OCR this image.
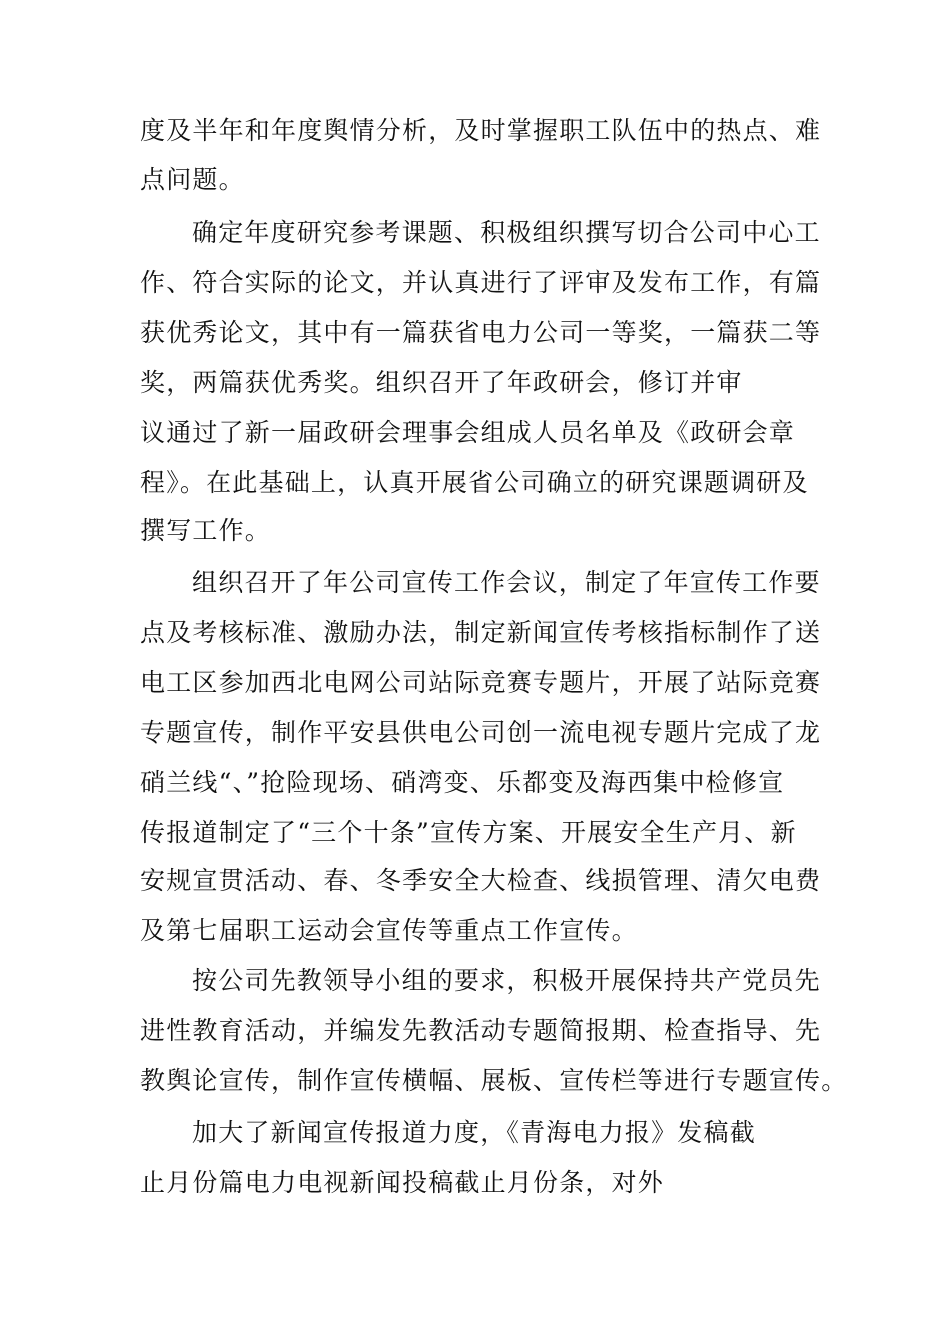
度及半年和年度舆情分析，及时掌握职工队伍中的热点、难
点问题。
确定年度研究参考课题、积极组织撰写切合公司中心工
作、符合实际的论文，并认真进行了评审及发布工作，有篇
获优秀论文，其中有一篇获省电力公司一等奖，一篇获二等
奖，两篇获优秀奖。组织召开了年政研会，修订并审
议通过了新一届政研会理事会组成人员名单及《政研会章
程》。在此基础上，认真开展省公司确立的研究课题调研及
撰写工作。
组织召开了年公司宣传工作会议，制定了年宣传工作要
点及考核标准、激励办法，制定新闻宣传考核指标制作了送
电工区参加西北电网公司站际竞赛专题片，开展了站际竞赛
专题宣传，制作平安县供电公司创一流电视专题片完成了龙
硝兰线“、”抢险现场、硝湾变、乐都变及海西集中检修宣
传报道制定了“三个十条”宣传方案、开展安全生产月、新
安规宣贯活动、春、冬季安全大检查、线损管理、清欠电费
及第七届职工运动会宣传等重点工作宣传。
按公司先教领导小组的要求，积极开展保持共产党员先
进性教育活动，并编发先教活动专题简报期、检查指导、先
教舆论宣传，制作宣传横幅、展板、宣传栏等进行专题宣传。
加大了新闻宣传报道力度，《青海电力报》发稿截
止月份篇电力电视新闻投稿截止月份条，对外
